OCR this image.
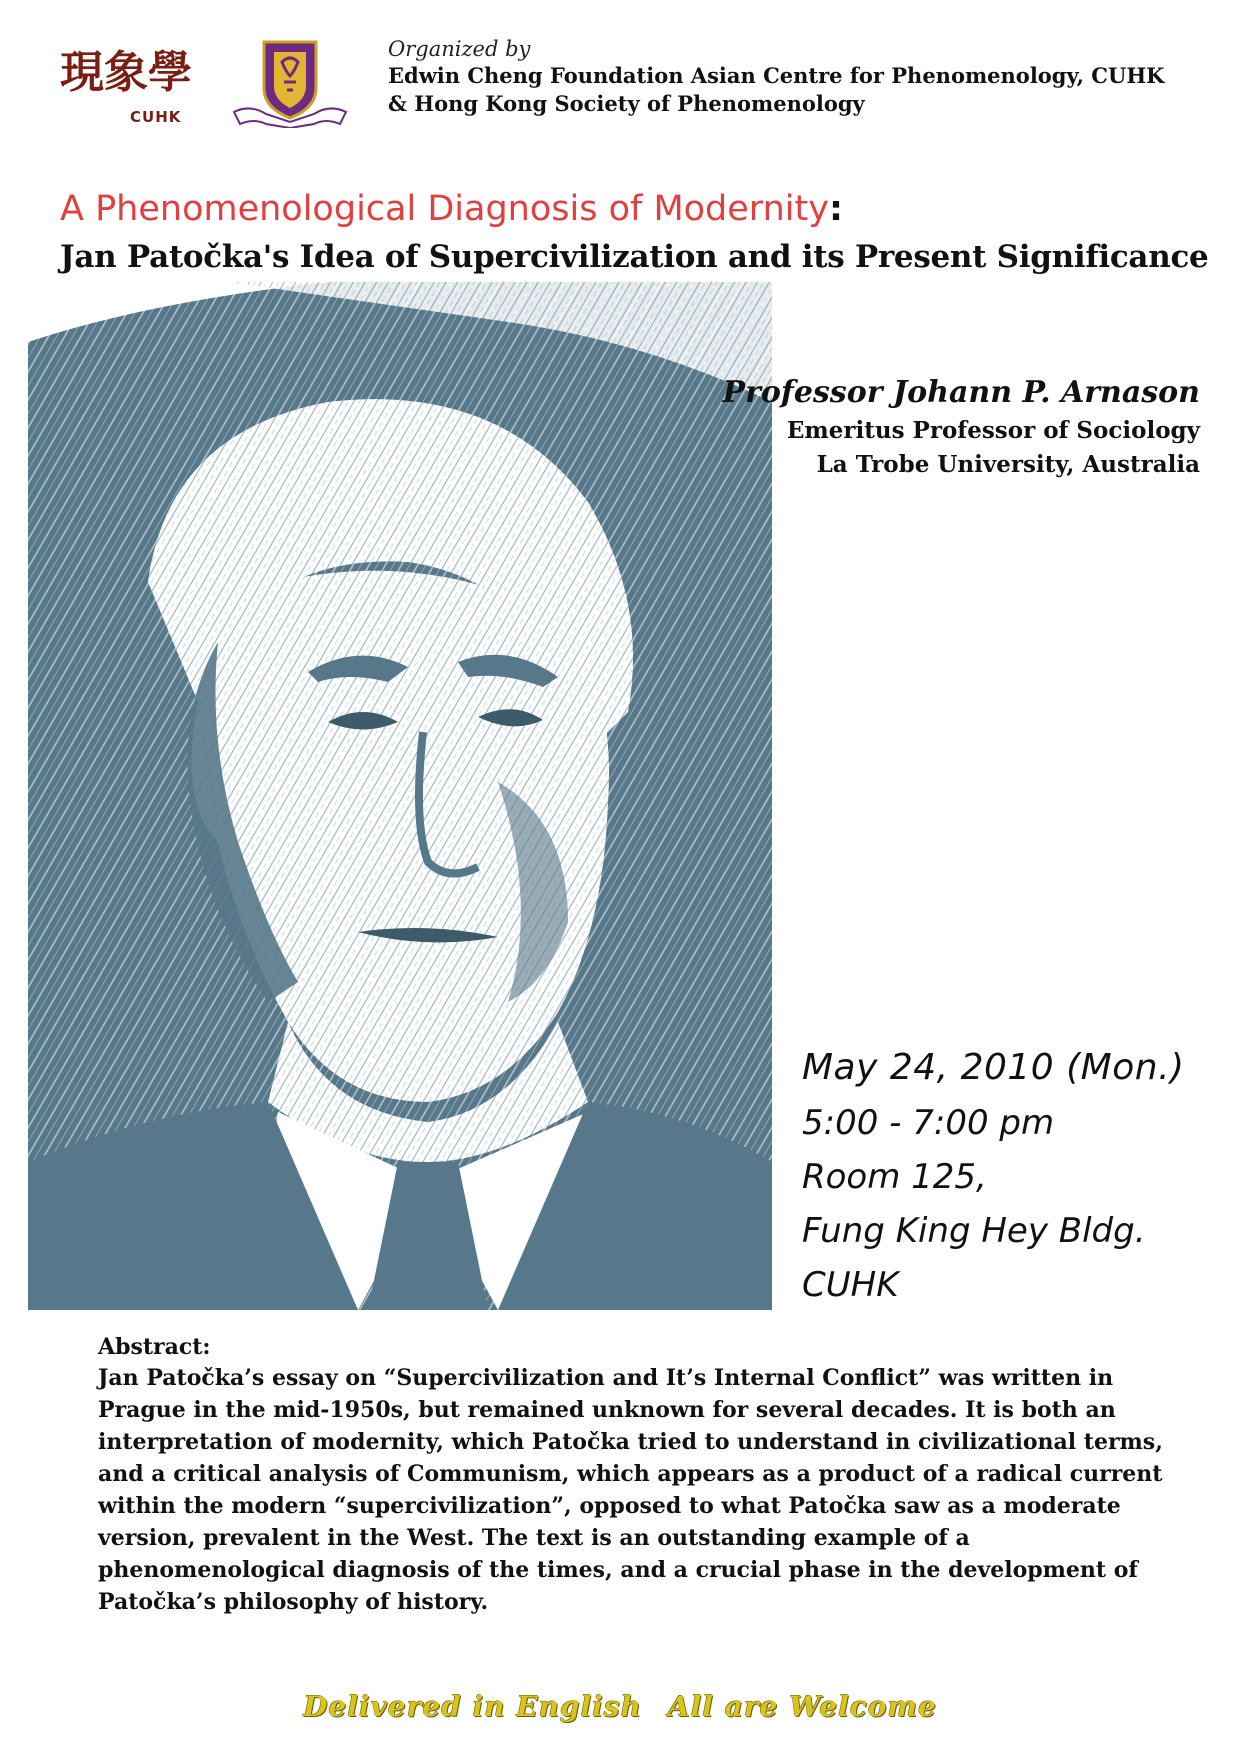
現 象 學
CUHK
Organized by
Edwin Cheng Foundation Asian Centre for Phenomenology, CUHK
& Hong Kong Society of Phenomenology
A Phenomenological Diagnosis of Modernity:
Jan Patočka's Idea of Supercivilization and its Present Significance
Professor Johann P. Arnason
Emeritus Professor of Sociology
La Trobe University, Australia
May 24, 2010 (Mon.)
5:00 - 7:00 pm
Room 125,
Fung King Hey Bldg.
CUHK
Abstract:

Jan Patočka’s essay on “Supercivilization and It’s Internal Conflict” was written in Prague in the mid-1950s, but remained unknown for several decades. It is both an interpretation of modernity, which Patočka tried to understand in civilizational terms, and a critical analysis of Communism, which appears as a product of a radical current within the modern “supercivilization”, opposed to what Patočka saw as a moderate version, prevalent in the West. The text is an outstanding example of a phenomenological diagnosis of the times, and a crucial phase in the development of Patočka’s philosophy of history.

Delivered in English All are Welcome
